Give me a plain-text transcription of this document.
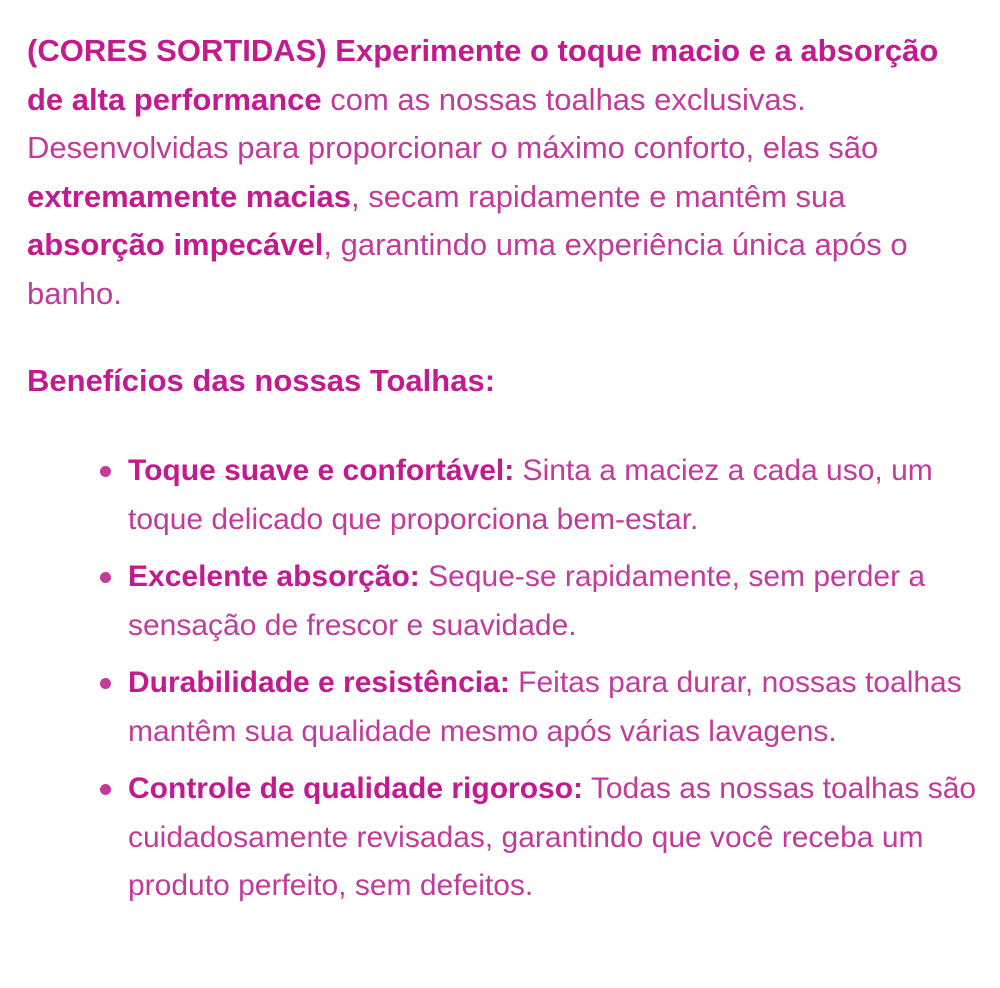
(CORES SORTIDAS) Experimente o toque macio e a absorção de alta performance com as nossas toalhas exclusivas. Desenvolvidas para proporcionar o máximo conforto, elas são extremamente macias, secam rapidamente e mantêm sua absorção impecável, garantindo uma experiência única após o banho.

Benefícios das nossas Toalhas:
Toque suave e confortável: Sinta a maciez a cada uso, um toque delicado que proporciona bem-estar.
Excelente absorção: Seque-se rapidamente, sem perder a sensação de frescor e suavidade.
Durabilidade e resistência: Feitas para durar, nossas toalhas mantêm sua qualidade mesmo após várias lavagens.
Controle de qualidade rigoroso: Todas as nossas toalhas são cuidadosamente revisadas, garantindo que você receba um produto perfeito, sem defeitos.
